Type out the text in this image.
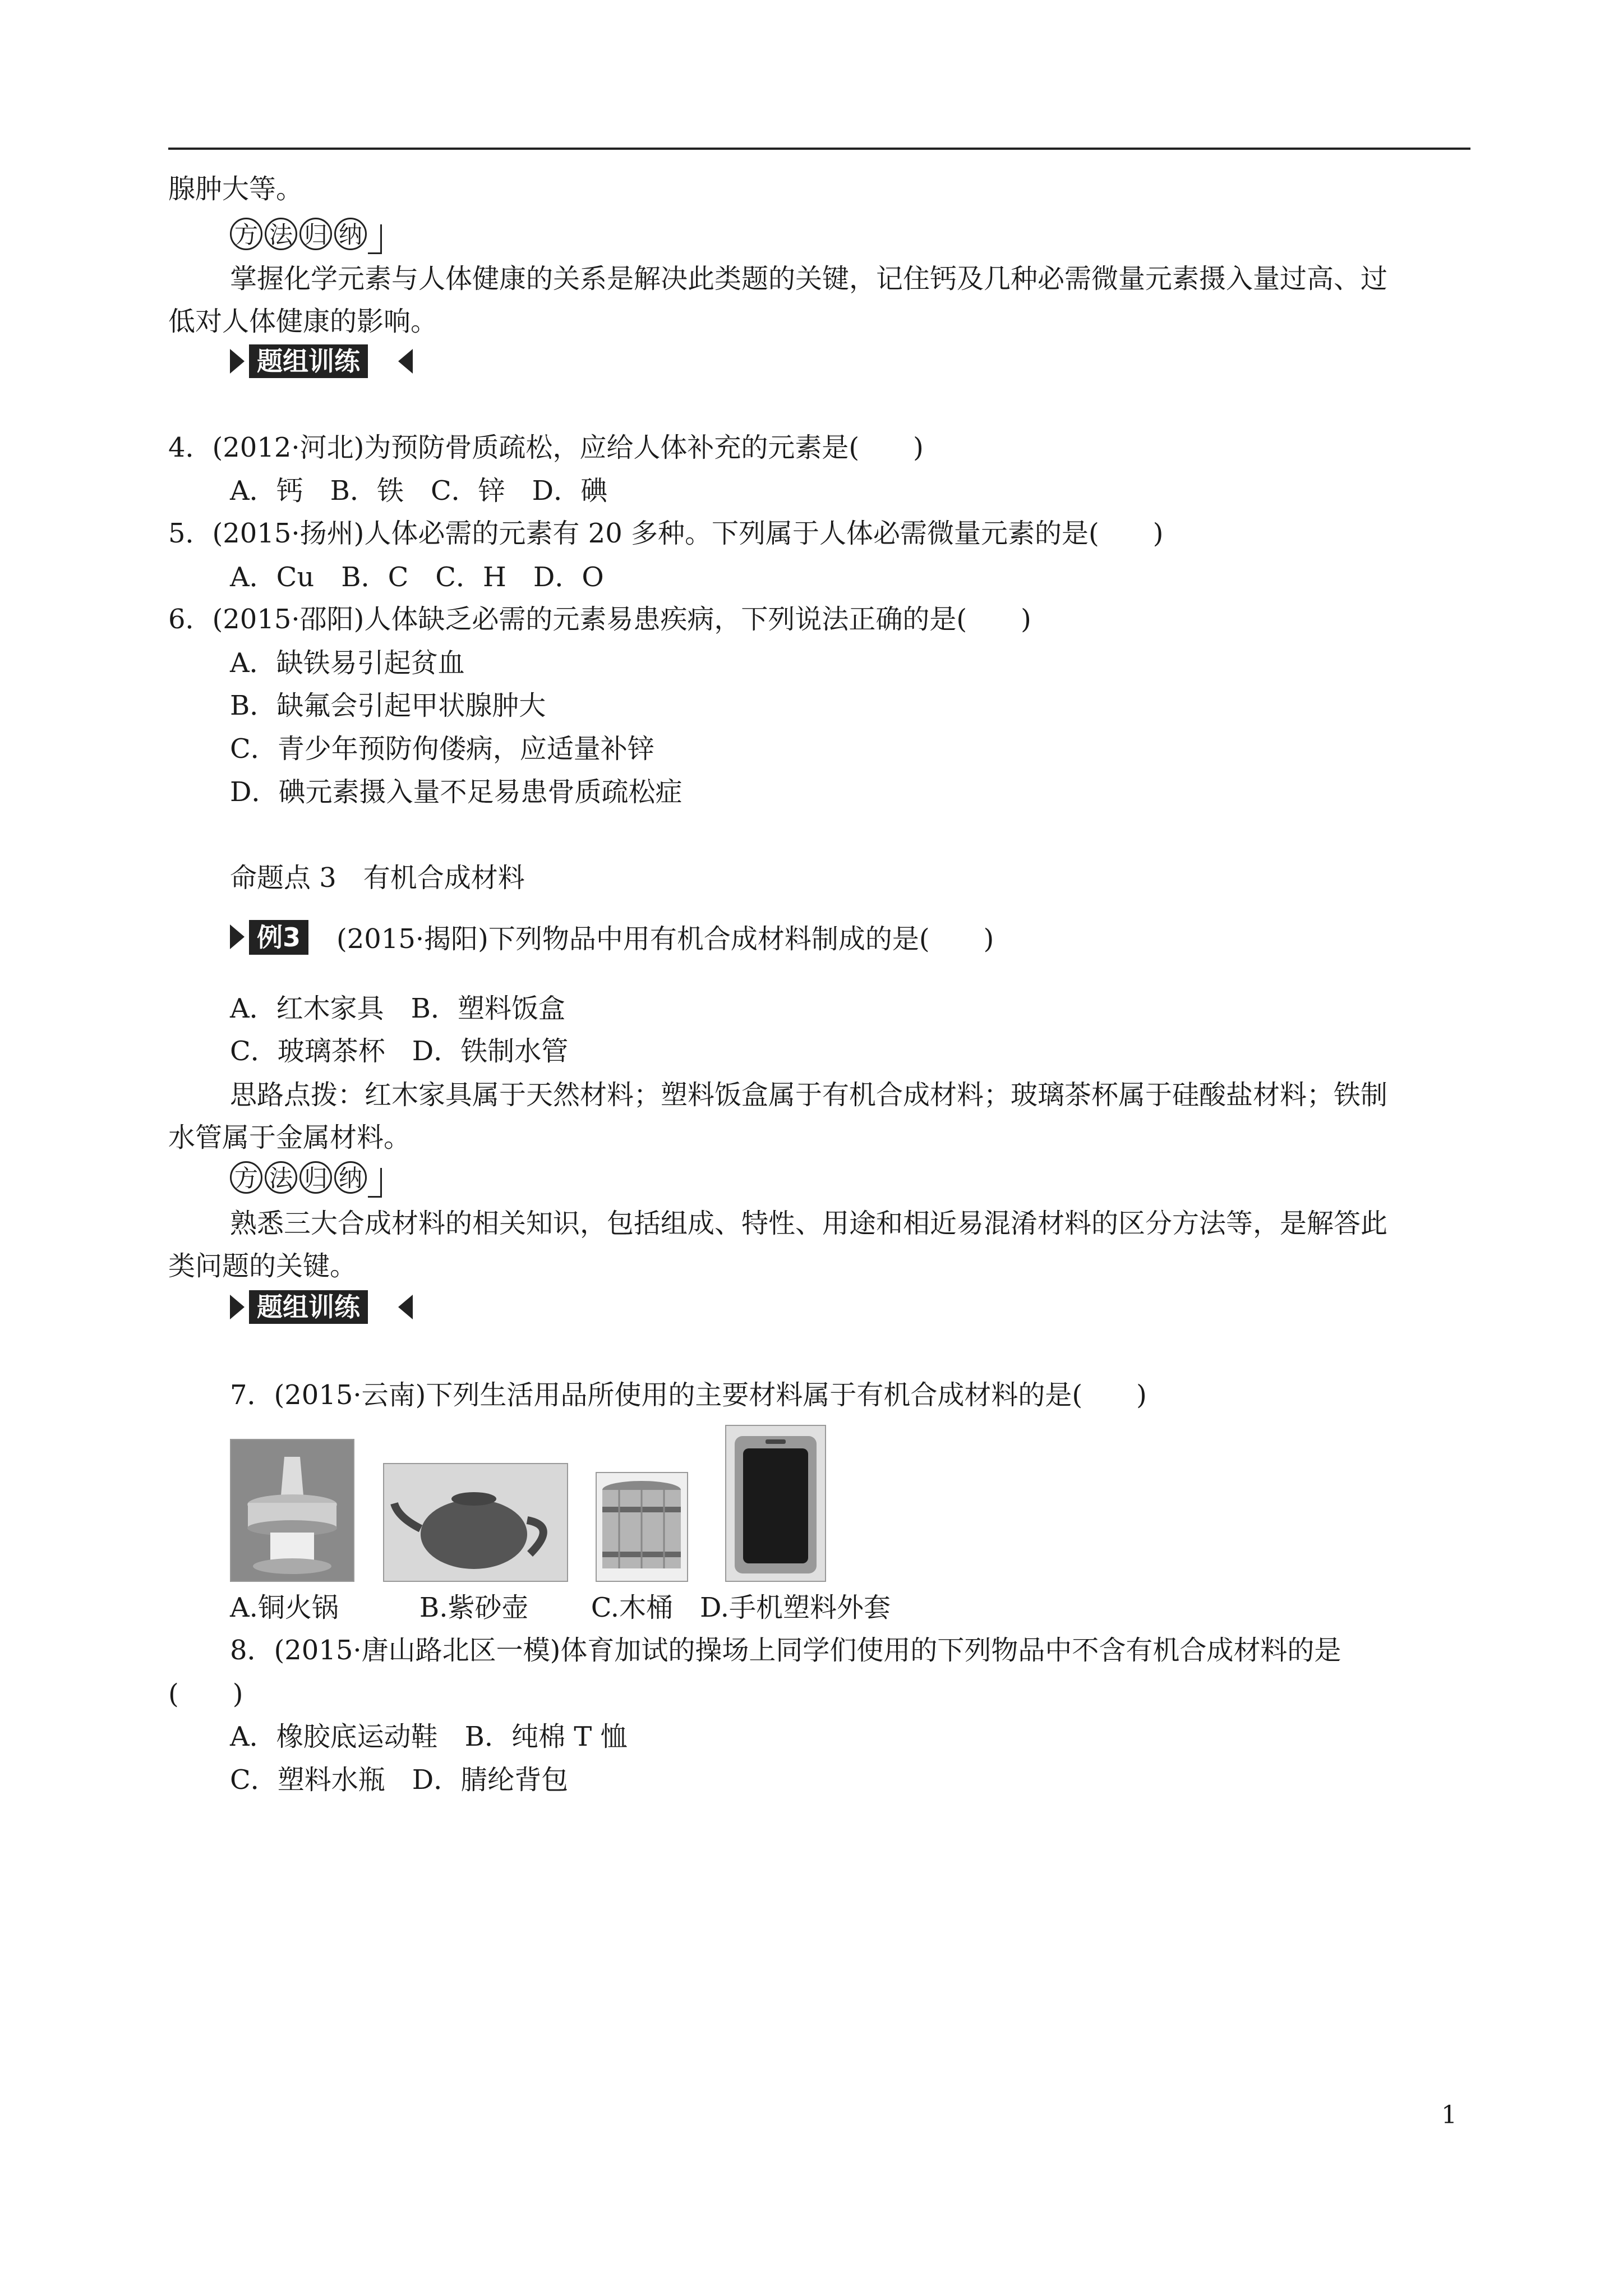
腺肿大等。
方 法 归 纳
掌握化学元素与人体健康的关系是解决此类题的关键，记住钙及几种必需微量元素摄入量过高、过
低对人体健康的影响。
题组训练
4．(2012·河北)为预防骨质疏松，应给人体补充的元素是(　　)
A．钙　B．铁　C．锌　D．碘
5．(2015·扬州)人体必需的元素有 20 多种。下列属于人体必需微量元素的是(　　)
A．Cu　B．C　C．H　D．O
6．(2015·邵阳)人体缺乏必需的元素易患疾病，下列说法正确的是(　　)
A．缺铁易引起贫血
B．缺氟会引起甲状腺肿大
C．青少年预防佝偻病，应适量补锌
D．碘元素摄入量不足易患骨质疏松症
命题点 3　有机合成材料
例3 (2015·揭阳)下列物品中用有机合成材料制成的是(　　)
A．红木家具　B．塑料饭盒
C．玻璃茶杯　D．铁制水管
思路点拨：红木家具属于天然材料；塑料饭盒属于有机合成材料；玻璃茶杯属于硅酸盐材料；铁制
水管属于金属材料。
方 法 归 纳
熟悉三大合成材料的相关知识，包括组成、特性、用途和相近易混淆材料的区分方法等，是解答此
类问题的关键。
题组训练
7．(2015·云南)下列生活用品所使用的主要材料属于有机合成材料的是(　　)
A.铜火锅　　　B.紫砂壶　　 C.木桶　D.手机塑料外套
8．(2015·唐山路北区一模)体育加试的操场上同学们使用的下列物品中不含有机合成材料的是
(　　)
A．橡胶底运动鞋　B．纯棉 T 恤
C．塑料水瓶　D．腈纶背包
1
